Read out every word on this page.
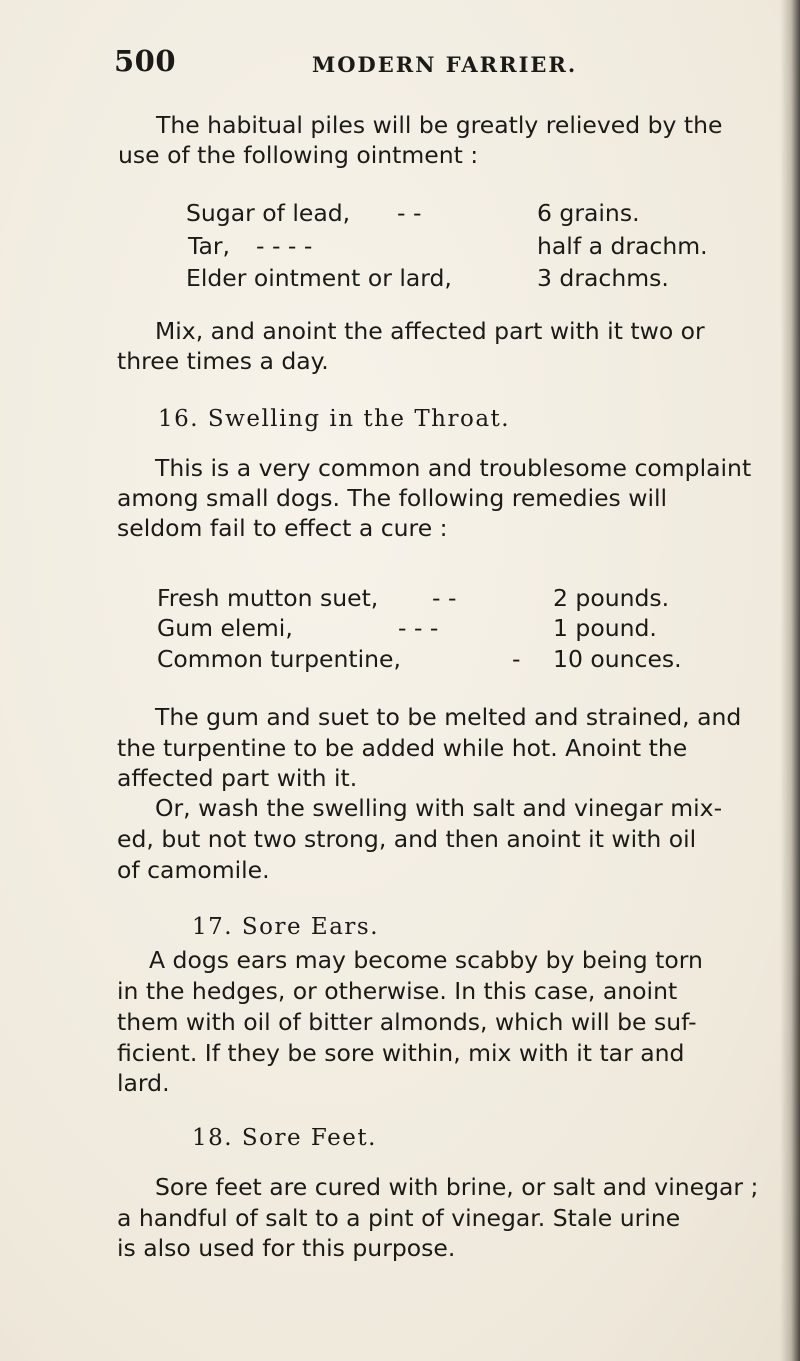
500	MODERN FARRIER.
The habitual piles will be greatly relieved by the
use of the following ointment :
Sugar of lead, - -	6 grains.
Tar, - - - -	half a drachm.
Elder ointment or lard,	3 drachms.
Mix, and anoint the affected part with it two or
three times a day.
16. Swelling in the Throat.
This is a very common and troublesome complaint
among small dogs. The following remedies will
seldom fail to effect a cure :
Fresh mutton suet, - -	2 pounds.
Gum elemi,	- - -	1 pound.
Common turpentine,	- 10 ounces.
The gum and suet to be melted and strained, and
the turpentine to be added while hot. Anoint the
affected part with it.
Or, wash the swelling with salt and vinegar mix-
ed, but not two strong, and then anoint it with oil
of camomile.
17. Sore Ears.
A dogs ears may become scabby by being torn
in the hedges, or otherwise. In this case, anoint
them with oil of bitter almonds, which will be suf-
ficient. If they be sore within, mix with it tar and
lard.
18. Sore Feet.
Sore feet are cured with brine, or salt and vinegar ;
a handful of salt to a pint of vinegar. Stale urine
is also used for this purpose.
